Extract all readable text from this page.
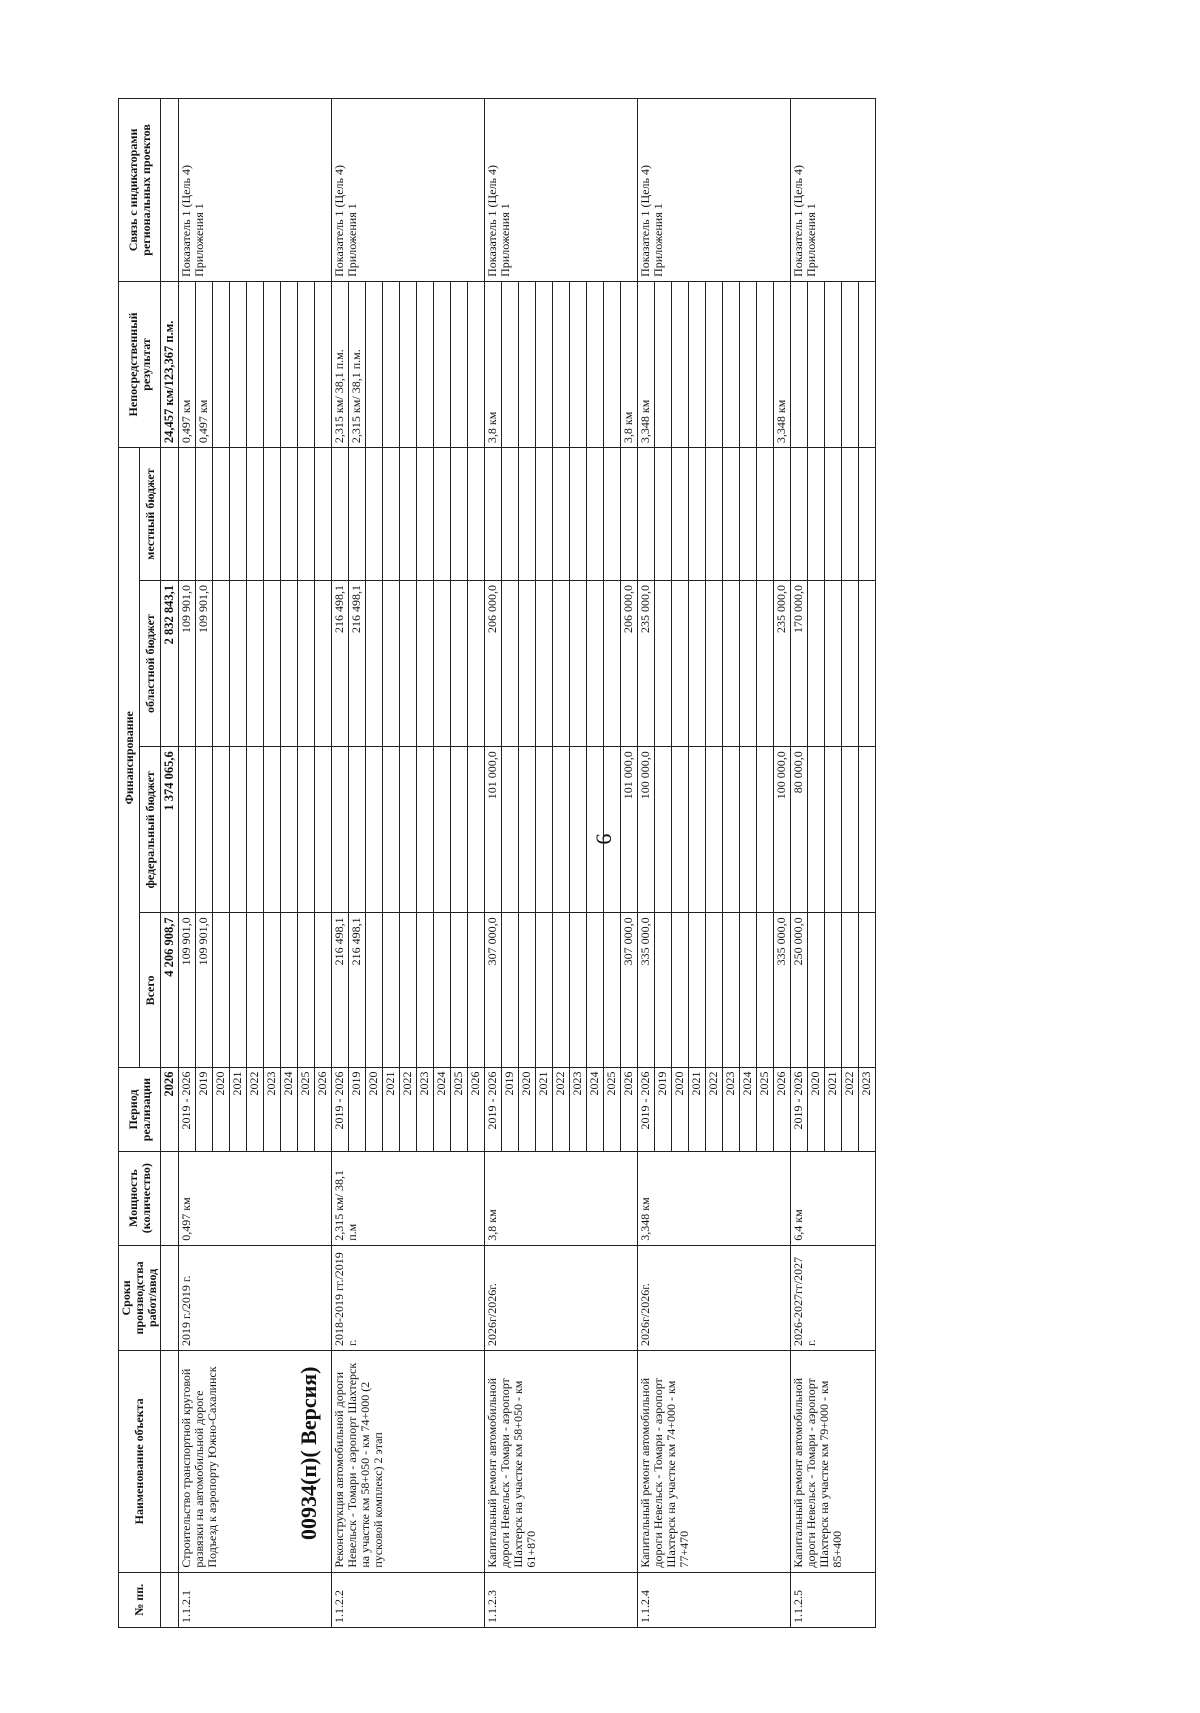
9
№ пп.	Наименование объекта	Сроки производства работ/ввод	Мощность (количество)	Период реализации	Финансирование				Непосредственный результат	Связь с индикаторами региональных проектов
					Всего	федеральный бюджет	областной бюджет	местный бюджет		
				2026	4 206 908,7	1 374 065,6	2 832 843,1		24,457 км/123,367 п.м.	
1.1.2.1	Строительство транспортной круговой развязки на автомобильной дороге Подъезд к аэропорту Южно-Сахалинск	2019 г./2019 г.	0,497 км	2019 - 2026	109 901,0		109 901,0		0,497 км	Показатель 1 (Цель 4) Приложения 1
				2019	109 901,0		109 901,0		0,497 км	
				2020						
				2021						
				2022						
				2023						
				2024						
				2025						
				2026						
1.1.2.2	Реконструкция автомобильной дороги Невельск - Томари - аэропорт Шахтерск на участке км 58+050 - км 74+000 (2 пусковой комплекс) 2 этап	2018-2019 гг./2019 г.	2,315 км/ 38,1 п.м	2019 - 2026	216 498,1		216 498,1		2,315 км/ 38,1 п.м.	Показатель 1 (Цель 4) Приложения 1
				2019	216 498,1		216 498,1		2,315 км/ 38,1 п.м.	
				2020						
				2021						
				2022						
				2023						
				2024						
				2025						
				2026						
1.1.2.3	Капитальный ремонт автомобильной дороги Невельск - Томари - аэропорт Шахтерск на участке км 58+050 - км 61+870	2026г/2026г.	3,8 км	2019 - 2026	307 000,0	101 000,0	206 000,0		3,8 км	Показатель 1 (Цель 4) Приложения 1
				2019						
				2020						
				2021						
				2022						
				2023						
				2024						
				2025						
				2026	307 000,0	101 000,0	206 000,0		3,8 км	
1.1.2.4	Капитальный ремонт автомобильной дороги Невельск - Томари - аэропорт Шахтерск на участке км 74+000 - км 77+470	2026г/2026г.	3,348 км	2019 - 2026	335 000,0	100 000,0	235 000,0		3,348 км	Показатель 1 (Цель 4) Приложения 1
				2019						
				2020						
				2021						
				2022						
				2023						
				2024						
				2025						
				2026	335 000,0	100 000,0	235 000,0		3,348 км	
1.1.2.5	Капитальный ремонт автомобильной дороги Невельск - Томари - аэропорт Шахтерск на участке км 79+000 - км 85+400	2026-2027гг/2027 г.	6,4 км	2019 - 2026	250 000,0	80 000,0	170 000,0			Показатель 1 (Цель 4) Приложения 1
				2020						
				2021						
				2022						
				2023						
00934(п)( Версия)
